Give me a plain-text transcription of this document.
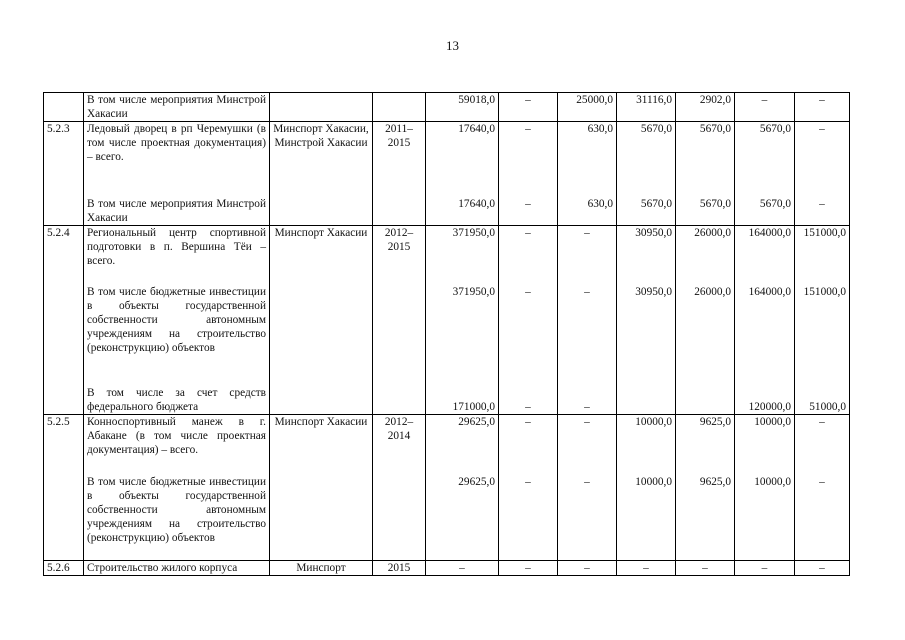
13
	В том числе мероприятия Минстрой Хакасии			59018,0	–	25000,0	31116,0	2902,0	–	–
5.2.3	Ледовый дворец в рп Черемушки (в том числе проектная документация) – всего.	Минспорт Хакасии, Минстрой Хакасии	2011–2015	17640,0	–	630,0	5670,0	5670,0	5670,0	–
	В том числе мероприятия Минстрой Хакасии			17640,0	–	630,0	5670,0	5670,0	5670,0	–
5.2.4	Региональный центр спортивной подготовки в п. Вершина Тёи – всего.	Минспорт Хакасии	2012–2015	371950,0	–	–	30950,0	26000,0	164000,0	151000,0
	В том числе бюджетные инвестиции в объекты государственной собственности автономным учреждениям на строительство (реконструкцию) объектов			371950,0	–	–	30950,0	26000,0	164000,0	151000,0
	В том числе за счет средств федерального бюджета			171000,0	–	–			120000,0	51000,0
5.2.5	Конноспортивный манеж в г. Абакане (в том числе проектная документация) – всего.	Минспорт Хакасии	2012–2014	29625,0	–	–	10000,0	9625,0	10000,0	–
	В том числе бюджетные инвестиции в объекты государственной собственности автономным учреждениям на строительство (реконструкцию) объектов			29625,0	–	–	10000,0	9625,0	10000,0	–
5.2.6	Строительство жилого корпуса	Минспорт	2015	–	–	–	–	–	–	–
